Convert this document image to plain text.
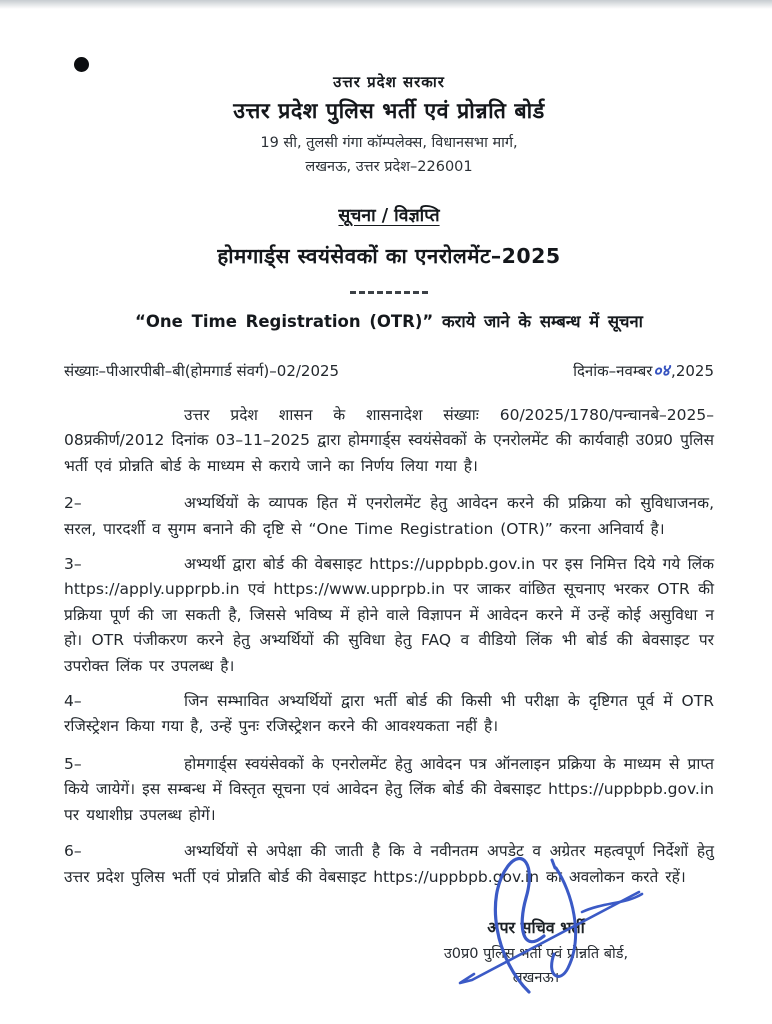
उत्तर प्रदेश सरकार
उत्तर प्रदेश पुलिस भर्ती एवं प्रोन्नति बोर्ड
19 सी, तुलसी गंगा कॉम्पलेक्स, विधानसभा मार्ग,
लखनऊ, उत्तर प्रदेश–226001
सूचना / विज्ञप्ति
होमगार्ड्स स्वयंसेवकों का एनरोलमेंट–2025
“One Time Registration (OTR)” कराये जाने के सम्बन्ध में सूचना
संख्याः–पीआरपीबी–बी(होमगार्ड संवर्ग)–02/2025	दिनांक–नवम्बर०४,2025
उत्तर प्रदेश शासन के शासनादेश संख्याः 60/2025/1780/पन्चानबे–2025–08प्रकीर्ण/2012 दिनांक 03–11–2025 द्वारा होमगार्ड्स स्वयंसेवकों के एनरोलमेंट की कार्यवाही उ0प्र0 पुलिस भर्ती एवं प्रोन्नति बोर्ड के माध्यम से कराये जाने का निर्णय लिया गया है।
2–	अभ्यर्थियों के व्यापक हित में एनरोलमेंट हेतु आवेदन करने की प्रक्रिया को सुविधाजनक, सरल, पारदर्शी व सुगम बनाने की दृष्टि से “One Time Registration (OTR)” करना अनिवार्य है।
3–	अभ्यर्थी द्वारा बोर्ड की वेबसाइट https://uppbpb.gov.in पर इस निमित्त दिये गये लिंक https://apply.upprpb.in एवं https://www.upprpb.in पर जाकर वांछित सूचनाए भरकर OTR की प्रक्रिया पूर्ण की जा सकती है, जिससे भविष्य में होने वाले विज्ञापन में आवेदन करने में उन्हें कोई असुविधा न हो। OTR पंजीकरण करने हेतु अभ्यर्थियों की सुविधा हेतु FAQ व वीडियो लिंक भी बोर्ड की बेवसाइट पर उपरोक्त लिंक पर उपलब्ध है।
4–	जिन सम्भावित अभ्यर्थियों द्वारा भर्ती बोर्ड की किसी भी परीक्षा के दृष्टिगत पूर्व में OTR रजिस्ट्रेशन किया गया है, उन्हें पुनः रजिस्ट्रेशन करने की आवश्यकता नहीं है।
5–	होमगार्ड्स स्वयंसेवकों के एनरोलमेंट हेतु आवेदन पत्र ऑनलाइन प्रक्रिया के माध्यम से प्राप्त किये जायेगें। इस सम्बन्ध में विस्तृत सूचना एवं आवेदन हेतु लिंक बोर्ड की वेबसाइट https://uppbpb.gov.in पर यथाशीघ्र उपलब्ध होगें।
6–	अभ्यर्थियों से अपेक्षा की जाती है कि वे नवीनतम अपडेट व अग्रेतर महत्वपूर्ण निर्देशों हेतु उत्तर प्रदेश पुलिस भर्ती एवं प्रोन्नति बोर्ड की वेबसाइट https://uppbpb.gov.in का अवलोकन करते रहें।
अपर सचिव भर्ती
उ0प्र0 पुलिस भर्ती एवं प्रोन्नति बोर्ड,
लखनऊ।
